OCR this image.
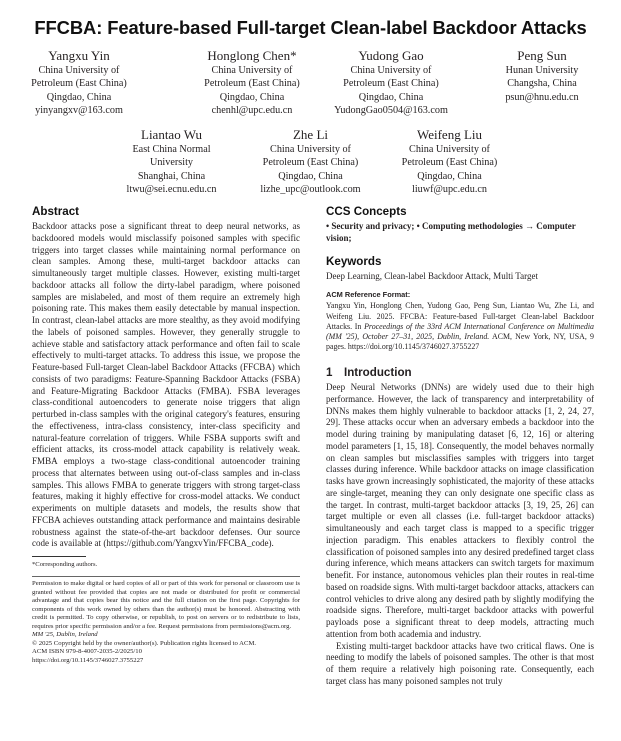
FFCBA: Feature-based Full-target Clean-label Backdoor Attacks
Yangxu Yin
China University of
Petroleum (East China)
Qingdao, China
yinyangxv@163.com
Honglong Chen*
China University of
Petroleum (East China)
Qingdao, China
chenhl@upc.edu.cn
Yudong Gao
China University of
Petroleum (East China)
Qingdao, China
YudongGao0504@163.com
Peng Sun
Hunan University
Changsha, China
psun@hnu.edu.cn
Liantao Wu
East China Normal
University
Shanghai, China
ltwu@sei.ecnu.edu.cn
Zhe Li
China University of
Petroleum (East China)
Qingdao, China
lizhe_upc@outlook.com
Weifeng Liu
China University of
Petroleum (East China)
Qingdao, China
liuwf@upc.edu.cn
Abstract

Backdoor attacks pose a significant threat to deep neural networks, as backdoored models would misclassify poisoned samples with specific triggers into target classes while maintaining normal performance on clean samples. Among these, multi-target backdoor attacks can simultaneously target multiple classes. However, existing multi-target backdoor attacks all follow the dirty-label paradigm, where poisoned samples are mislabeled, and most of them require an extremely high poisoning rate. This makes them easily detectable by manual inspection. In contrast, clean-label attacks are more stealthy, as they avoid modifying the labels of poisoned samples. However, they generally struggle to achieve stable and satisfactory attack performance and often fail to scale effectively to multi-target attacks. To address this issue, we propose the Feature-based Full-target Clean-label Backdoor Attacks (FFCBA) which consists of two paradigms: Feature-Spanning Backdoor Attacks (FSBA) and Feature-Migrating Backdoor Attacks (FMBA). FSBA leverages class-conditional autoencoders to generate noise triggers that align perturbed in-class samples with the original category's features, ensuring the effectiveness, intra-class consistency, inter-class specificity and natural-feature correlation of triggers. While FSBA supports swift and efficient attacks, its cross-model attack capability is relatively weak. FMBA employs a two-stage class-conditional autoencoder training process that alternates between using out-of-class samples and in-class samples. This allows FMBA to generate triggers with strong target-class features, making it highly effective for cross-model attacks. We conduct experiments on multiple datasets and models, the results show that FFCBA achieves outstanding attack performance and maintains desirable robustness against the state-of-the-art backdoor defenses. Our source code is available at (https://github.com/YangxvYin/FFCBA_code).

*Corresponding authors.
Permission to make digital or hard copies of all or part of this work for personal or classroom use is granted without fee provided that copies are not made or distributed for profit or commercial advantage and that copies bear this notice and the full citation on the first page. Copyrights for components of this work owned by others than the author(s) must be honored. Abstracting with credit is permitted. To copy otherwise, or republish, to post on servers or to redistribute to lists, requires prior specific permission and/or a fee. Request permissions from permissions@acm.org.
MM '25, Dublin, Ireland
© 2025 Copyright held by the owner/author(s). Publication rights licensed to ACM.
ACM ISBN 979-8-4007-2035-2/2025/10
https://doi.org/10.1145/3746027.3755227
CCS Concepts
• Security and privacy; • Computing methodologies → Computer vision;
Keywords
Deep Learning, Clean-label Backdoor Attack, Multi Target
ACM Reference Format:
Yangxu Yin, Honglong Chen, Yudong Gao, Peng Sun, Liantao Wu, Zhe Li, and Weifeng Liu. 2025. FFCBA: Feature-based Full-target Clean-label Backdoor Attacks. In Proceedings of the 33rd ACM International Conference on Multimedia (MM '25), October 27–31, 2025, Dublin, Ireland. ACM, New York, NY, USA, 9 pages. https://doi.org/10.1145/3746027.3755227
1 Introduction

Deep Neural Networks (DNNs) are widely used due to their high performance. However, the lack of transparency and interpretability of DNNs makes them highly vulnerable to backdoor attacks [1, 2, 24, 27, 29]. These attacks occur when an adversary embeds a backdoor into the model during training by manipulating dataset [6, 12, 16] or altering model parameters [1, 15, 18]. Consequently, the model behaves normally on clean samples but misclassifies samples with triggers into target classes during inference. While backdoor attacks on image classification tasks have grown increasingly sophisticated, the majority of these attacks are single-target, meaning they can only designate one specific class as the target. In contrast, multi-target backdoor attacks [3, 19, 25, 26] can target multiple or even all classes (i.e. full-target backdoor attacks) simultaneously and each target class is mapped to a specific trigger injection paradigm. This enables attackers to flexibly control the classification of poisoned samples into any desired predefined target class during inference, which means attackers can switch targets for maximum benefit. For instance, autonomous vehicles plan their routes in real-time based on roadside signs. With multi-target backdoor attacks, attackers can control vehicles to drive along any desired path by slightly modifying the roadside signs. Therefore, multi-target backdoor attacks with powerful payloads pose a significant threat to deep models, attracting much attention from both academia and industry.

Existing multi-target backdoor attacks have two critical flaws. One is needing to modify the labels of poisoned samples. The other is that most of them require a relatively high poisoning rate. Consequently, each target class has many poisoned samples not truly
